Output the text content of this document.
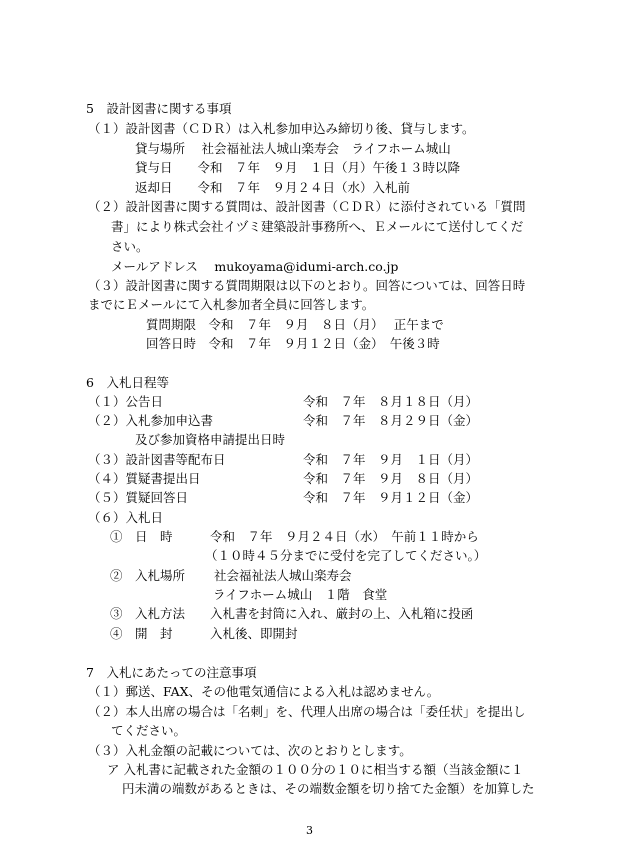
5　設計図書に関する事項
（１）設計図書（ＣＤＲ）は入札参加申込み締切り後、貸与します。
貸与場所　 社会福祉法人城山楽寿会　ライフホーム城山
貸与日　　令和　７年　９月　１日（月）午後１３時以降
返却日　　令和　７年　９月２４日（水）入札前
（２）設計図書に関する質問は、設計図書（ＣＤＲ）に添付されている「質問
書」により株式会社イヅミ建築設計事務所へ、Ｅメールにて送付してくだ
さい。
メールアドレス　 mukoyama@idumi-arch.co.jp
（３）設計図書に関する質問期限は以下のとおり。回答については、回答日時
までにＥメールにて入札参加者全員に回答します。
質問期限　令和　７年　９月　８日（月）　 正午まで
回答日時　令和　７年　９月１２日（金）　午後３時
6　入札日程等
（１）公告日	令和　７年　８月１８日（月）
（２）入札参加申込書	令和　７年　８月２９日（金）
及び参加資格申請提出日時
（３）設計図書等配布日	令和　７年　９月　１日（月）
（４）質疑書提出日	令和　７年　９月　８日（月）
（５）質疑回答日	令和　７年　９月１２日（金）
（６）入札日
①　日　時　　　令和　７年　９月２４日（水）　午前１１時から
（１０時４５分までに受付を完了してください。）
②　入札場所　　 社会福祉法人城山楽寿会
ライフホーム城山　１階　食堂
③　入札方法　　入札書を封筒に入れ、厳封の上、入札箱に投函
④　開　封　　　入札後、即開封
7　入札にあたっての注意事項
（１）郵送、FAX、その他電気通信による入札は認めません。
（２）本人出席の場合は「名刺」を、代理人出席の場合は「委任状」を提出し
てください。
（３）入札金額の記載については、次のとおりとします。
ア 入札書に記載された金額の１００分の１０に相当する額（当該金額に１
円未満の端数があるときは、その端数金額を切り捨てた金額）を加算した
3
